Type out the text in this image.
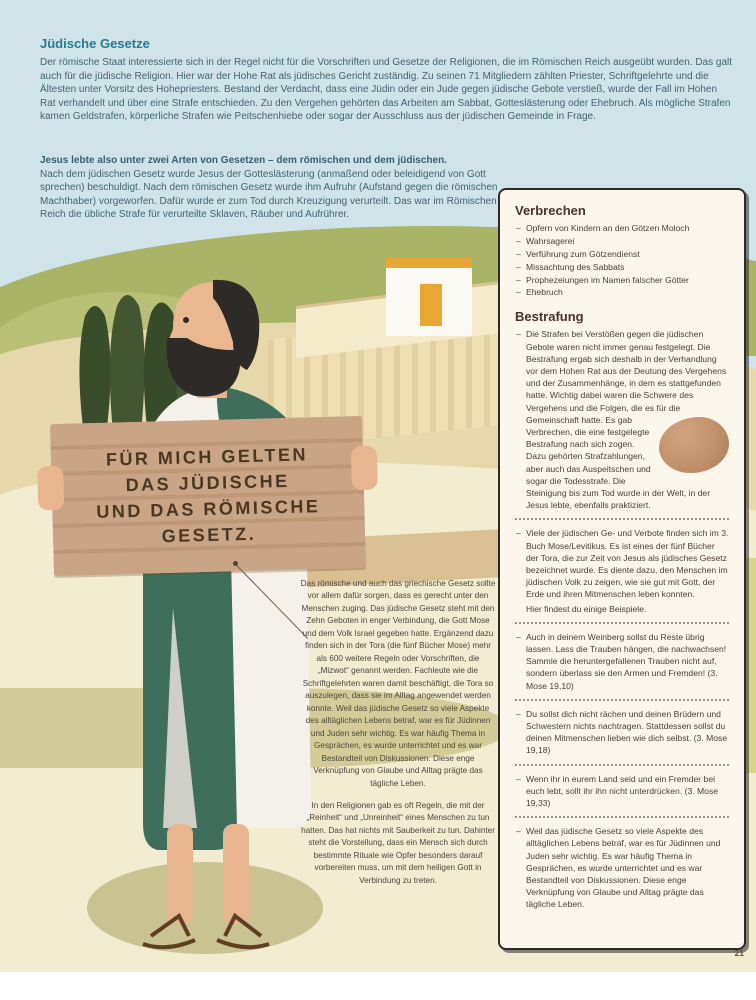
Jüdische Gesetze

Der römische Staat interessierte sich in der Regel nicht für die Vorschriften und Gesetze der Religionen, die im Römischen Reich ausgeübt wurden. Das galt auch für die jüdische Religion. Hier war der Hohe Rat als jüdisches Gericht zuständig. Zu seinen 71 Mitgliedern zählten Priester, Schriftgelehrte und die Ältesten unter Vorsitz des Hohepriesters. Bestand der Verdacht, dass eine Jüdin oder ein Jude gegen jüdische Gebote verstieß, wurde der Fall im Hohen Rat verhandelt und über eine Strafe entschieden. Zu den Vergehen gehörten das Arbeiten am Sabbat, Gotteslästerung oder Ehebruch. Als mögliche Strafen kamen Geldstrafen, körperliche Strafen wie Peitschenhiebe oder sogar der Ausschluss aus der jüdischen Gemeinde in Frage.

Jesus lebte also unter zwei Arten von Gesetzen – dem römischen und dem jüdischen.

Nach dem jüdischen Gesetz wurde Jesus der Gotteslästerung (anmaßend oder beleidigend von Gott sprechen) beschuldigt. Nach dem römischen Gesetz wurde ihm Aufruhr (Aufstand gegen die römischen Machthaber) vorgeworfen. Dafür wurde er zum Tod durch Kreuzigung verurteilt. Das war im Römischen Reich die übliche Strafe für verurteilte Sklaven, Räuber und Aufrührer.

FÜR MICH GELTEN
DAS JÜDISCHE
UND DAS RÖMISCHE
GESETZ.

Das römische und auch das griechische Gesetz sollte vor allem dafür sorgen, dass es gerecht unter den Menschen zuging. Das jüdische Gesetz steht mit den Zehn Geboten in enger Verbindung, die Gott Mose und dem Volk Israel gegeben hatte. Ergänzend dazu finden sich in der Tora (die fünf Bücher Mose) mehr als 600 weitere Regeln oder Vorschriften, die „Mizwot“ genannt werden. Fachleute wie die Schriftgelehrten waren damit beschäftigt, die Tora so auszulegen, dass sie im Alltag angewendet werden konnte. Weil das jüdische Gesetz so viele Aspekte des alltäglichen Lebens betraf, war es für Jüdinnen und Juden sehr wichtig. Es war häufig Thema in Gesprächen, es wurde unterrichtet und es war Bestandteil von Diskussionen. Diese enge Verknüpfung von Glaube und Alltag prägte das tägliche Leben.

In den Religionen gab es oft Regeln, die mit der „Reinheit“ und „Unreinheit“ eines Menschen zu tun hatten. Das hat nichts mit Sauberkeit zu tun. Dahinter steht die Vorstellung, dass ein Mensch sich durch bestimmte Rituale wie Opfer besonders darauf vorbereiten muss, um mit dem heiligen Gott in Verbindung zu treten.

Verbrechen
– Opfern von Kindern an den Götzen Moloch
– Wahrsagerei
– Verführung zum Götzendienst
– Missachtung des Sabbats
– Prophezeiungen im Namen falscher Götter
– Ehebruch
Bestrafung
– Die Strafen bei Verstößen gegen die jüdischen Gebote waren nicht immer genau festgelegt. Die Bestrafung ergab sich deshalb in der Verhandlung vor dem Hohen Rat aus der Deutung des Vergehens und der Zusammenhänge, in dem es stattgefunden hatte. Wichtig dabei waren die Schwere des Vergehens und die Folgen, die es für
die Gemeinschaft hatte. Es gab Verbrechen, die eine festgelegte Bestrafung nach sich zogen. Dazu gehörten Strafzahlungen, aber auch das Auspeitschen und sogar die Todesstrafe. Die Steinigung bis zum Tod wurde in der Welt, in der Jesus lebte, ebenfalls praktiziert.
– Viele der jüdischen Ge- und Verbote finden sich im 3. Buch Mose/Levitikus. Es ist eines der fünf Bücher der Tora, die zur Zeit von Jesus als jüdisches Gesetz bezeichnet wurde. Es diente dazu, den Menschen im jüdischen Volk zu zeigen, wie sie gut mit Gott, der Erde und ihren Mitmenschen leben konnten.
Hier findest du einige Beispiele.
– Auch in deinem Weinberg sollst du Reste übrig lassen. Lass die Trauben hängen, die nachwachsen! Sammle die heruntergefallenen Trauben nicht auf, sondern überlass sie den Armen und Fremden! (3. Mose 19,10)
– Du sollst dich nicht rächen und deinen Brüdern und Schwestern nichts nachtragen. Stattdessen sollst du deinen Mitmenschen lieben wie dich selbst. (3. Mose 19,18)
– Wenn ihr in eurem Land seid und ein Fremder bei euch lebt, sollt ihr ihn nicht unterdrücken. (3. Mose 19,33)
– Weil das jüdische Gesetz so viele Aspekte des alltäglichen Lebens betraf, war es für Jüdinnen und Juden sehr wichtig. Es war häufig Thema in Gesprächen, es wurde unterrichtet und es war Bestandteil von Diskussionen. Diese enge Verknüpfung von Glaube und Alltag prägte das tägliche Leben.
21
